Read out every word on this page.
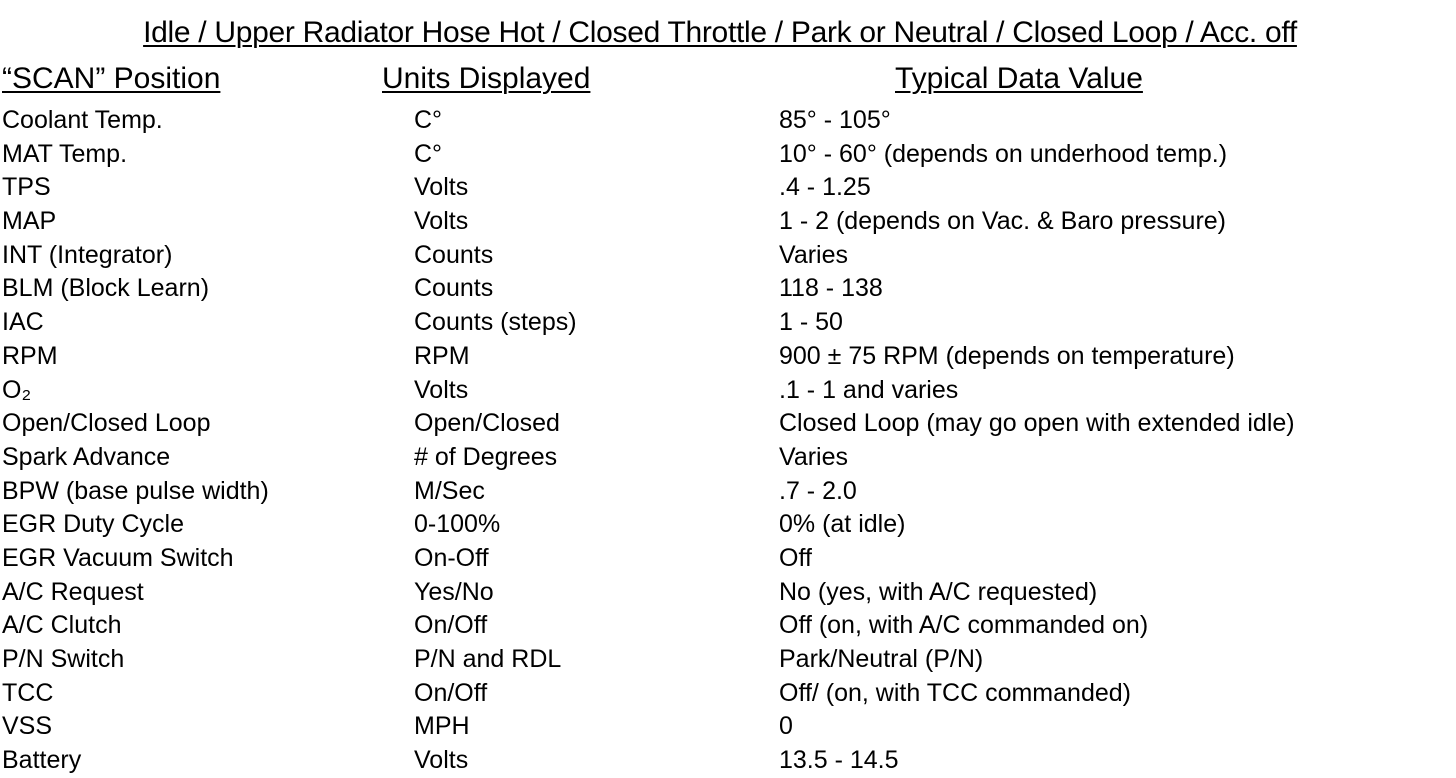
Idle / Upper Radiator Hose Hot / Closed Throttle / Park or Neutral / Closed Loop / Acc. off
“SCAN” Position	Units Displayed	Typical Data Value
Coolant Temp.	C°	85° - 105°
MAT Temp.	C°	10° - 60° (depends on underhood temp.)
TPS	Volts	.4 - 1.25
MAP	Volts	1 - 2 (depends on Vac. & Baro pressure)
INT (Integrator)	Counts	Varies
BLM (Block Learn)	Counts	118 - 138
IAC	Counts (steps)	1 - 50
RPM	RPM	900 ± 75 RPM (depends on temperature)
O₂	Volts	.1 - 1 and varies
Open/Closed Loop	Open/Closed	Closed Loop (may go open with extended idle)
Spark Advance	# of Degrees	Varies
BPW (base pulse width)	M/Sec	.7 - 2.0
EGR Duty Cycle	0-100%	0% (at idle)
EGR Vacuum Switch	On-Off	Off
A/C Request	Yes/No	No (yes, with A/C requested)
A/C Clutch	On/Off	Off (on, with A/C commanded on)
P/N Switch	P/N and RDL	Park/Neutral (P/N)
TCC	On/Off	Off/ (on, with TCC commanded)
VSS	MPH	0
Battery	Volts	13.5 - 14.5
